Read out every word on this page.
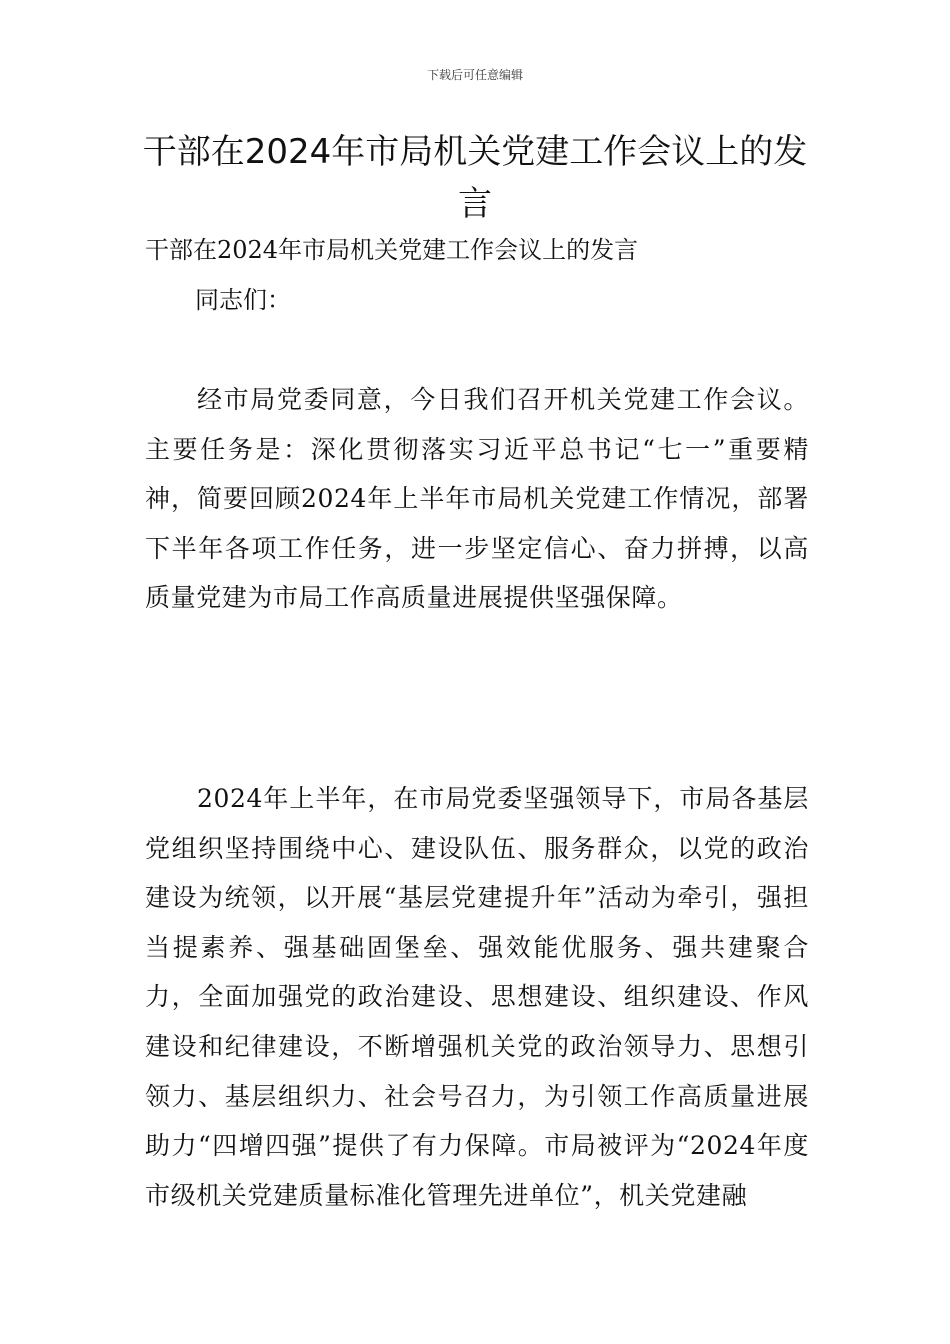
下载后可任意编辑
干部在2024年市局机关党建工作会议上的发言
干部在2024年市局机关党建工作会议上的发言
同志们：

经市局党委同意，今日我们召开机关党建工作会议。主要任务是：深化贯彻落实习近平总书记“七一”重要精神，简要回顾2024年上半年市局机关党建工作情况，部署下半年各项工作任务，进一步坚定信心、奋力拼搏，以高质量党建为市局工作高质量进展提供坚强保障。

2024年上半年，在市局党委坚强领导下，市局各基层党组织坚持围绕中心、建设队伍、服务群众，以党的政治建设为统领，以开展“基层党建提升年”活动为牵引，强担当提素养、强基础固堡垒、强效能优服务、强共建聚合力，全面加强党的政治建设、思想建设、组织建设、作风建设和纪律建设，不断增强机关党的政治领导力、思想引领力、基层组织力、社会号召力，为引领工作高质量进展助力“四增四强”提供了有力保障。市局被评为“2024年度市级机关党建质量标准化管理先进单位”，机关党建融
